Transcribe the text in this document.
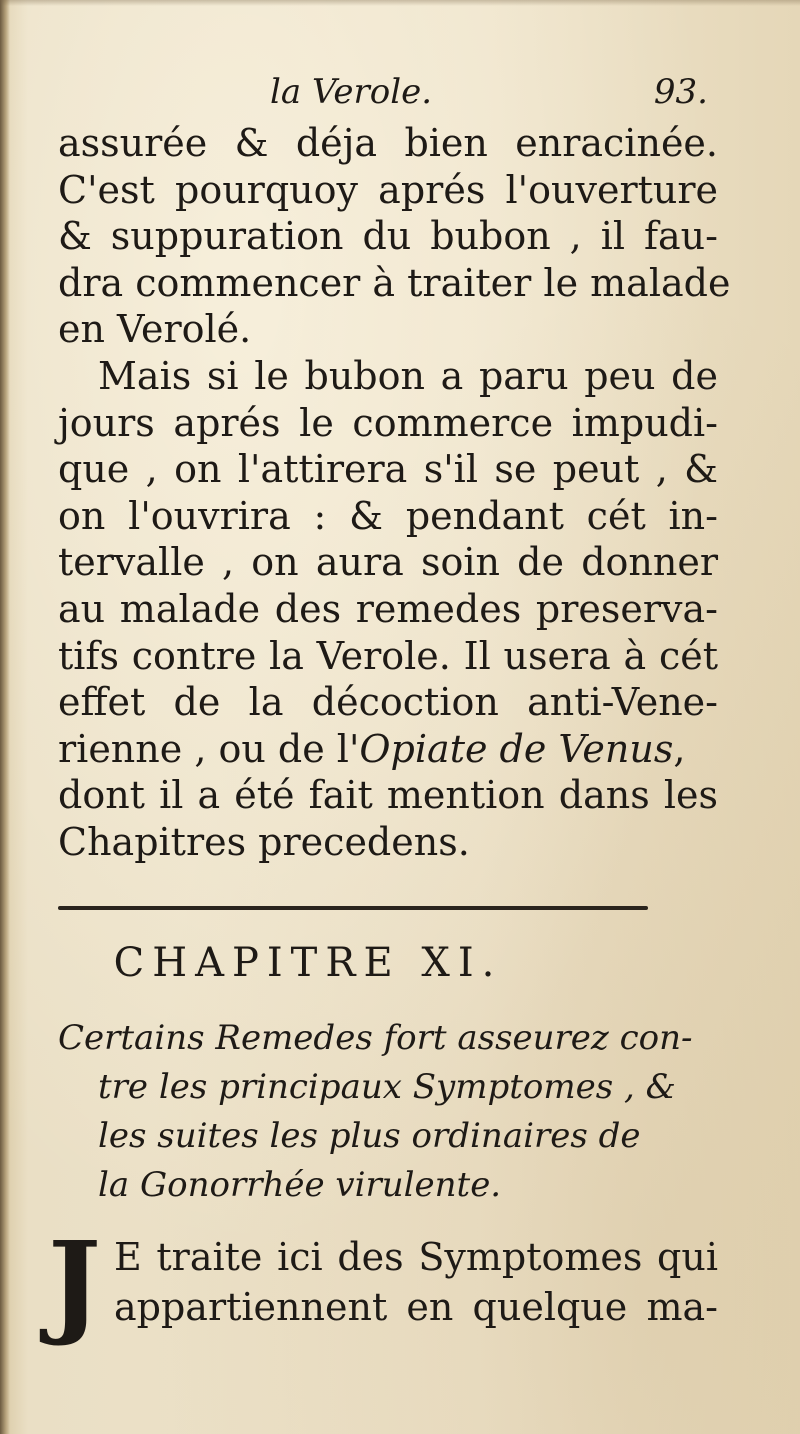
la Verole.	93.
assurée & déja bien enracinée.
C'est pourquoy aprés l'ouverture
& suppuration du bubon , il fau-
dra commencer à traiter le malade
en Verolé.
Mais si le bubon a paru peu de
jours aprés le commerce impudi-
que , on l'attirera s'il se peut , &
on l'ouvrira : & pendant cét in-
tervalle , on aura soin de donner
au malade des remedes preserva-
tifs contre la Verole. Il usera à cét
effet de la décoction anti-Vene-
rienne , ou de l'Opiate de Venus,
dont il a été fait mention dans les
Chapitres precedens.
CHAPITRE XI.
Certains Remedes fort asseurez con-
tre les principaux Symptomes , &
les suites les plus ordinaires de
la Gonorrhée virulente.
J E traite ici des Symptomes qui
appartiennent en quelque ma-
